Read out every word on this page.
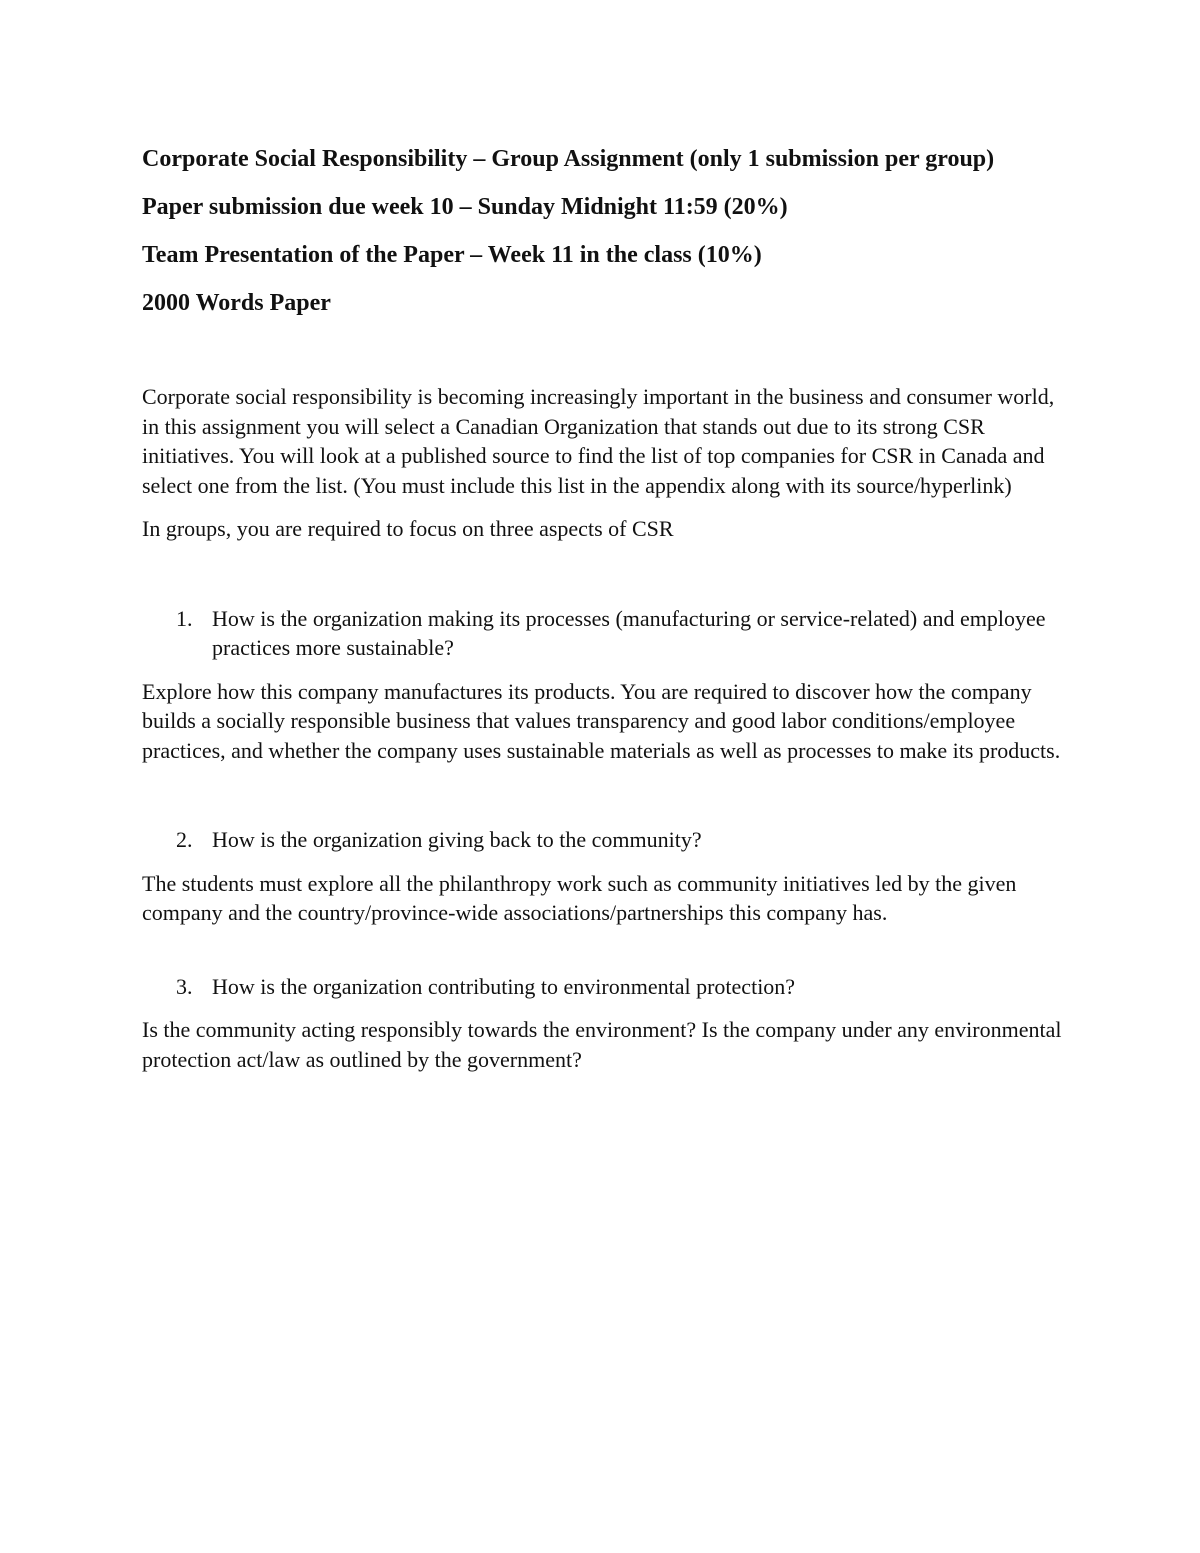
Corporate Social Responsibility – Group Assignment (only 1 submission per group)

Paper submission due week 10 – Sunday Midnight 11:59 (20%)

Team Presentation of the Paper – Week 11 in the class (10%)

2000 Words Paper

Corporate social responsibility is becoming increasingly important in the business and consumer world, in this assignment you will select a Canadian Organization that stands out due to its strong CSR initiatives. You will look at a published source to find the list of top companies for CSR in Canada and select one from the list. (You must include this list in the appendix along with its source/hyperlink)

In groups, you are required to focus on three aspects of CSR

1. How is the organization making its processes (manufacturing or service-related) and employee practices more sustainable?

Explore how this company manufactures its products. You are required to discover how the company builds a socially responsible business that values transparency and good labor conditions/employee practices, and whether the company uses sustainable materials as well as processes to make its products.

2. How is the organization giving back to the community?

The students must explore all the philanthropy work such as community initiatives led by the given company and the country/province-wide associations/partnerships this company has.

3. How is the organization contributing to environmental protection?

Is the community acting responsibly towards the environment? Is the company under any environmental protection act/law as outlined by the government?
